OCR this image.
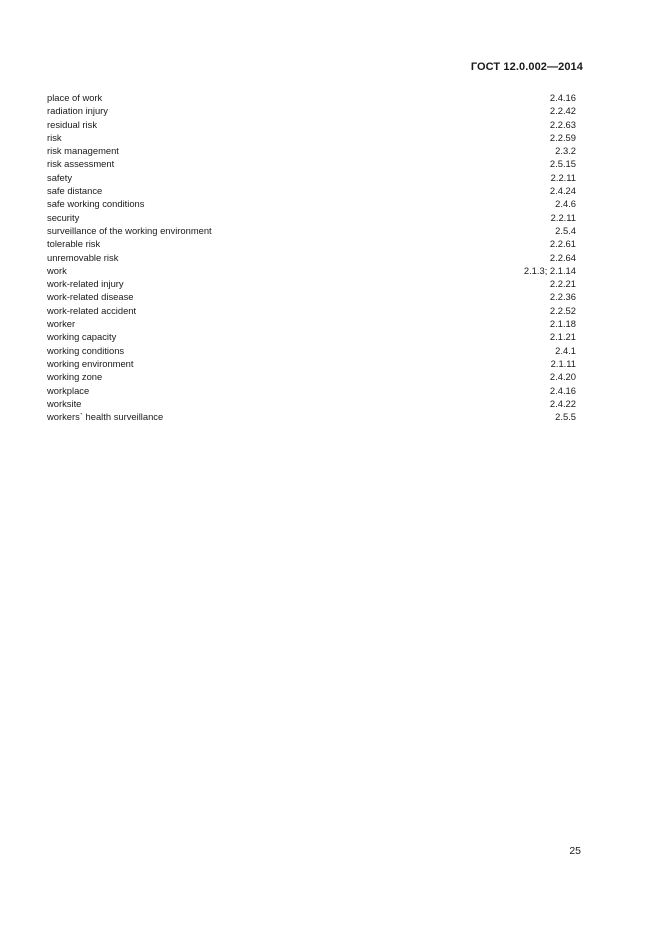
ГОСТ 12.0.002—2014
place of work	2.4.16
radiation injury	2.2.42
residual risk	2.2.63
risk	2.2.59
risk management	2.3.2
risk assessment	2.5.15
safety	2.2.11
safe distance	2.4.24
safe working conditions	2.4.6
security	2.2.11
surveillance of the working environment	2.5.4
tolerable risk	2.2.61
unremovable risk	2.2.64
work	2.1.3; 2.1.14
work-related injury	2.2.21
work-related disease	2.2.36
work-related accident	2.2.52
worker	2.1.18
working capacity	2.1.21
working conditions	2.4.1
working environment	2.1.11
working zone	2.4.20
workplace	2.4.16
worksite	2.4.22
workers` health surveillance	2.5.5
25
